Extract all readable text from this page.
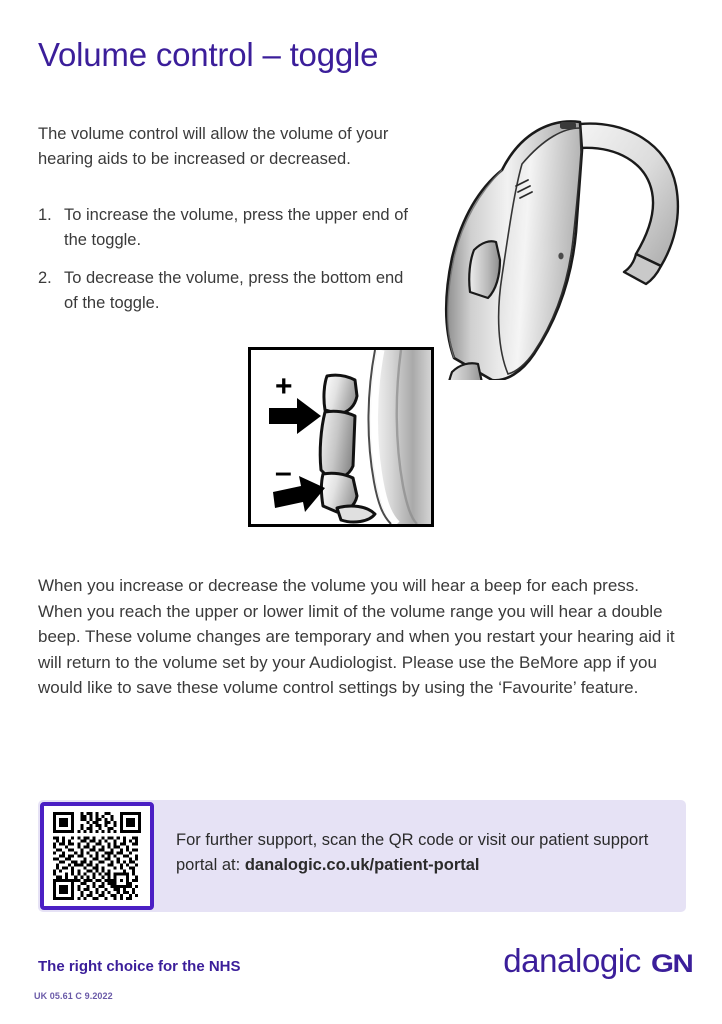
Volume control – toggle
The volume control will allow the volume of your hearing aids to be increased or decreased.
1. To increase the volume, press the upper end of the toggle.
2. To decrease the volume, press the bottom end of the toggle.
+
–
When you increase or decrease the volume you will hear a beep for each press. When you reach the upper or lower limit of the volume range you will hear a double beep. These volume changes are temporary and when you restart your hearing aid it will return to the volume set by your Audiologist. Please use the BeMore app if you would like to save these volume control settings by using the ‘Favourite’ feature.
For further support, scan the QR code or visit our patient support portal at: danalogic.co.uk/patient-portal
The right choice for the NHS
UK 05.61 C 9.2022
danalogic GN
